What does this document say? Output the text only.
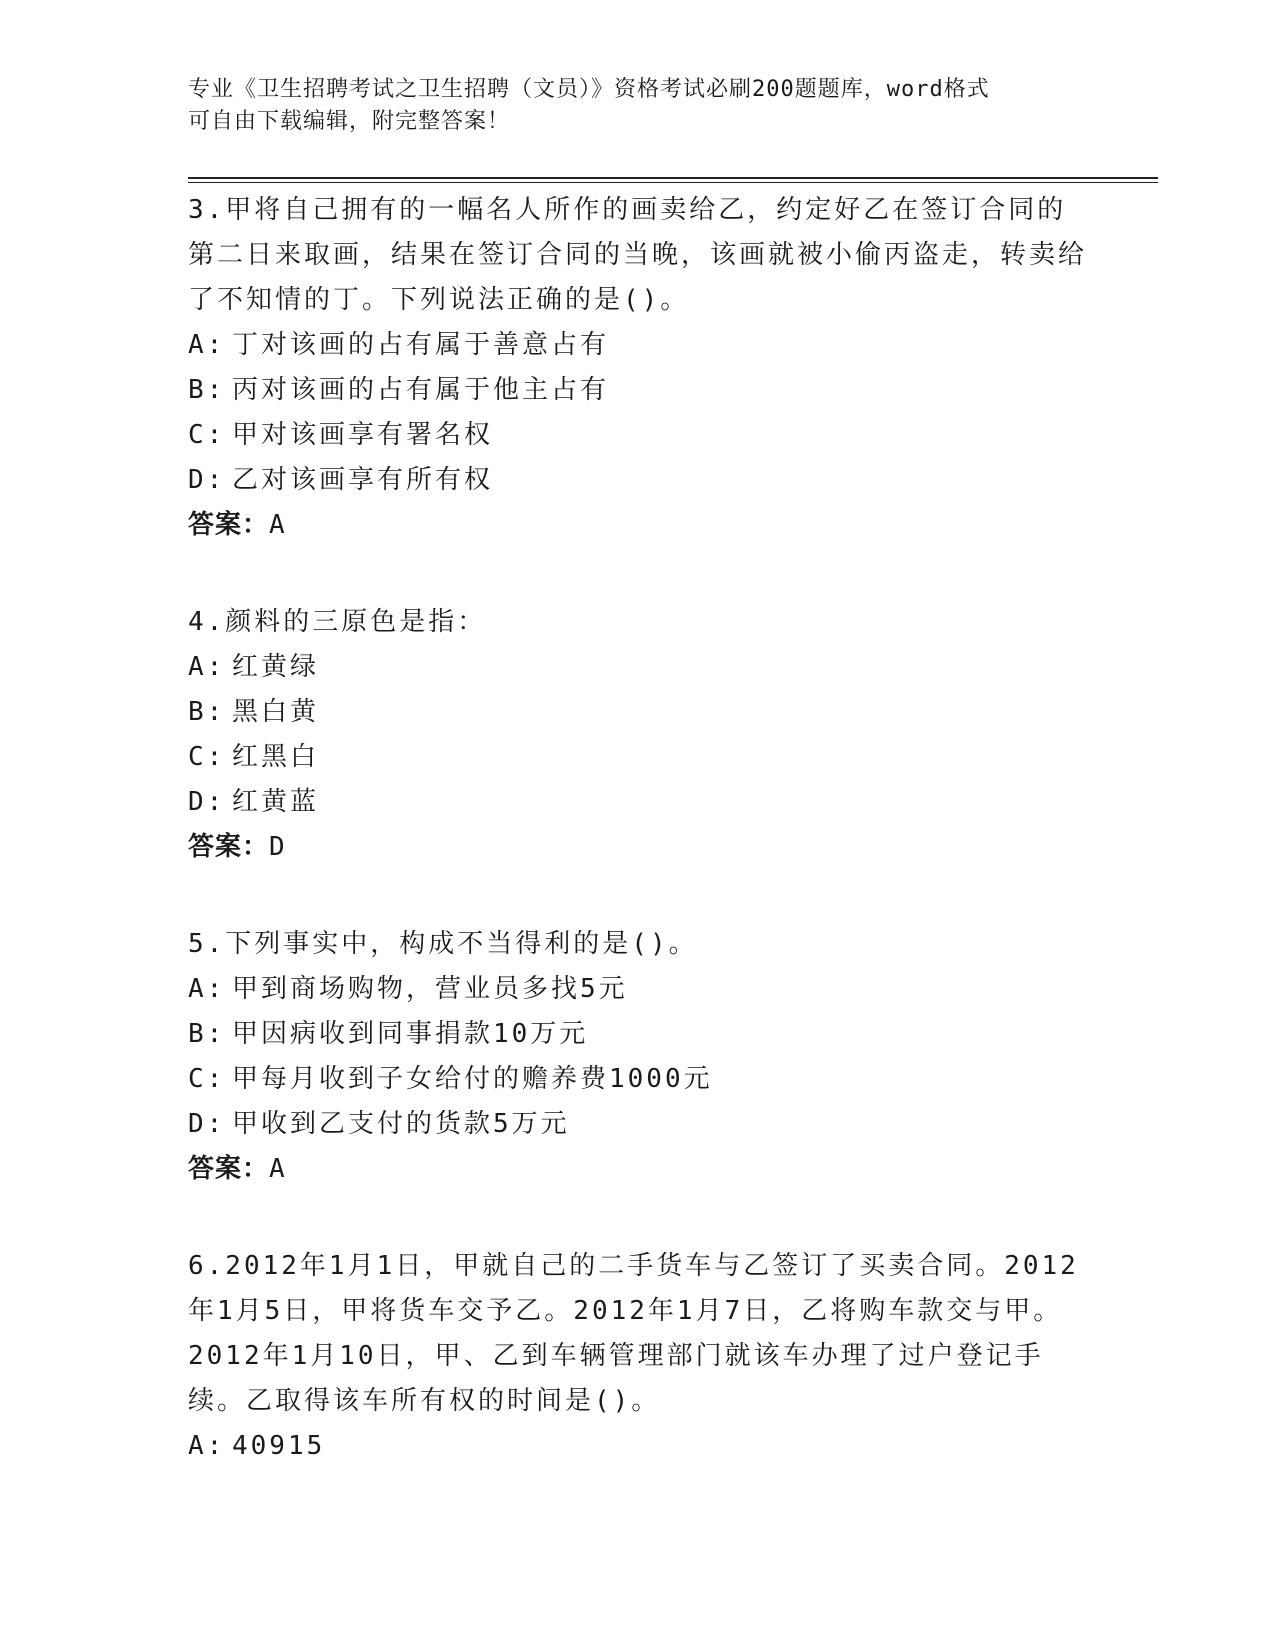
专业《卫生招聘考试之卫生招聘（文员）》资格考试必刷200题题库，word格式
可自由下载编辑，附完整答案！

3.甲将自己拥有的一幅名人所作的画卖给乙，约定好乙在签订合同的第二日来取画，结果在签订合同的当晚，该画就被小偷丙盗走，转卖给了不知情的丁。下列说法正确的是()。

A: 丁对该画的占有属于善意占有
B: 丙对该画的占有属于他主占有
C: 甲对该画享有署名权
D: 乙对该画享有所有权
答案：A

4.颜料的三原色是指：

A: 红黄绿
B: 黑白黄
C: 红黑白
D: 红黄蓝
答案：D

5.下列事实中，构成不当得利的是()。

A: 甲到商场购物，营业员多找5元
B: 甲因病收到同事捐款10万元
C: 甲每月收到子女给付的赡养费1000元
D: 甲收到乙支付的货款5万元
答案：A

6.2012年1月1日，甲就自己的二手货车与乙签订了买卖合同。2012年1月5日，甲将货车交予乙。2012年1月7日，乙将购车款交与甲。2012年1月10日，甲、乙到车辆管理部门就该车办理了过户登记手续。乙取得该车所有权的时间是()。

A: 40915
